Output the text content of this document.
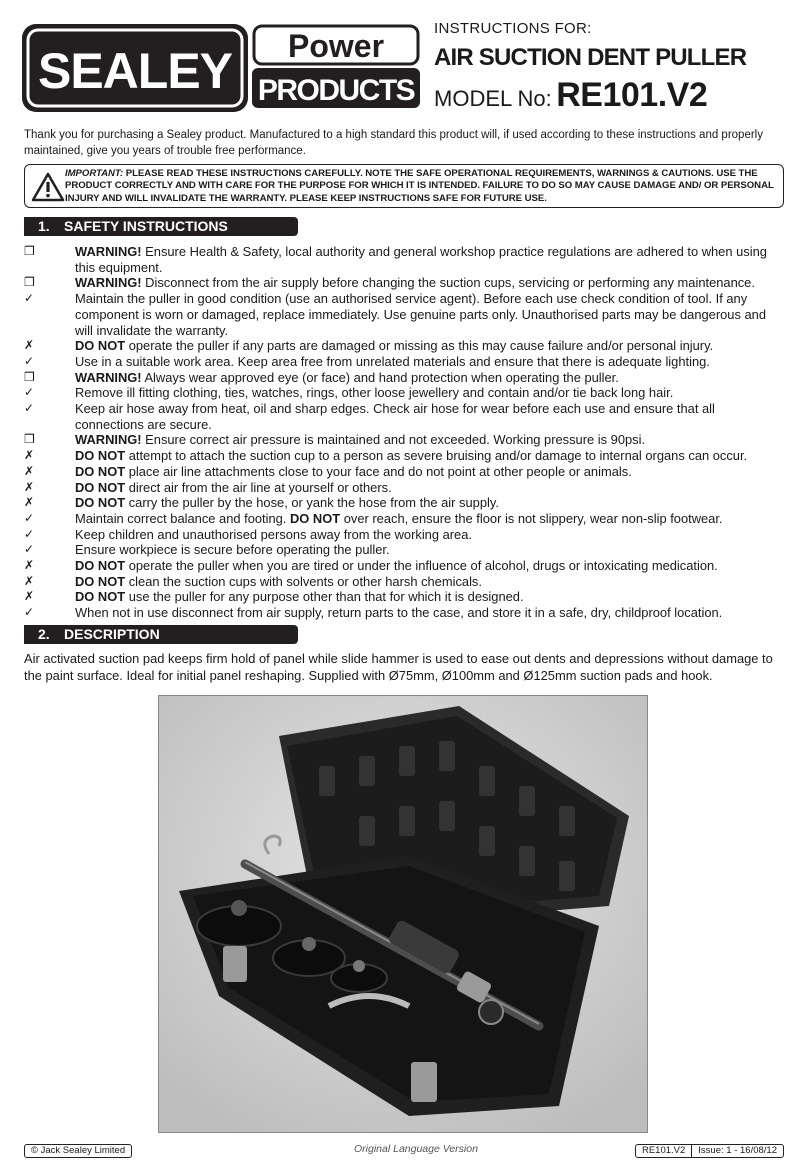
SEALEY Power
PRODUCTS
INSTRUCTIONS FOR:
AIR SUCTION DENT PULLER
MODEL No: RE101.V2
Thank you for purchasing a Sealey product. Manufactured to a high standard this product will, if used according to these instructions and properly maintained, give you years of trouble free performance.
IMPORTANT: PLEASE READ THESE INSTRUCTIONS CAREFULLY. NOTE THE SAFE OPERATIONAL REQUIREMENTS, WARNINGS & CAUTIONS. USE THE PRODUCT CORRECTLY AND WITH CARE FOR THE PURPOSE FOR WHICH IT IS INTENDED. FAILURE TO DO SO MAY CAUSE DAMAGE AND/ OR PERSONAL INJURY AND WILL INVALIDATE THE WARRANTY. PLEASE KEEP INSTRUCTIONS SAFE FOR FUTURE USE.
1. SAFETY INSTRUCTIONS
❒	WARNING! Ensure Health & Safety, local authority and general workshop practice regulations are adhered to when using this equipment.
❒	WARNING! Disconnect from the air supply before changing the suction cups, servicing or performing any maintenance.
✓	Maintain the puller in good condition (use an authorised service agent). Before each use check condition of tool. If any component is worn or damaged, replace immediately. Use genuine parts only. Unauthorised parts may be dangerous and will invalidate the warranty.
✗	DO NOT operate the puller if any parts are damaged or missing as this may cause failure and/or personal injury.
✓	Use in a suitable work area. Keep area free from unrelated materials and ensure that there is adequate lighting.
❒	WARNING! Always wear approved eye (or face) and hand protection when operating the puller.
✓	Remove ill fitting clothing, ties, watches, rings, other loose jewellery and contain and/or tie back long hair.
✓	Keep air hose away from heat, oil and sharp edges. Check air hose for wear before each use and ensure that all connections are secure.
❒	WARNING! Ensure correct air pressure is maintained and not exceeded. Working pressure is 90psi.
✗	DO NOT attempt to attach the suction cup to a person as severe bruising and/or damage to internal organs can occur.
✗	DO NOT place air line attachments close to your face and do not point at other people or animals.
✗	DO NOT direct air from the air line at yourself or others.
✗	DO NOT carry the puller by the hose, or yank the hose from the air supply.
✓	Maintain correct balance and footing. DO NOT over reach, ensure the floor is not slippery, wear non-slip footwear.
✓	Keep children and unauthorised persons away from the working area.
✓	Ensure workpiece is secure before operating the puller.
✗	DO NOT operate the puller when you are tired or under the influence of alcohol, drugs or intoxicating medication.
✗	DO NOT clean the suction cups with solvents or other harsh chemicals.
✗	DO NOT use the puller for any purpose other than that for which it is designed.
✓	When not in use disconnect from air supply, return parts to the case, and store it in a safe, dry, childproof location.
2. DESCRIPTION
Air activated suction pad keeps firm hold of panel while slide hammer is used to ease out dents and depressions without damage to the paint surface. Ideal for initial panel reshaping. Supplied with Ø75mm, Ø100mm and Ø125mm suction pads and hook.
© Jack Sealey Limited	Original Language Version	RE101.V2	Issue: 1 - 16/08/12
